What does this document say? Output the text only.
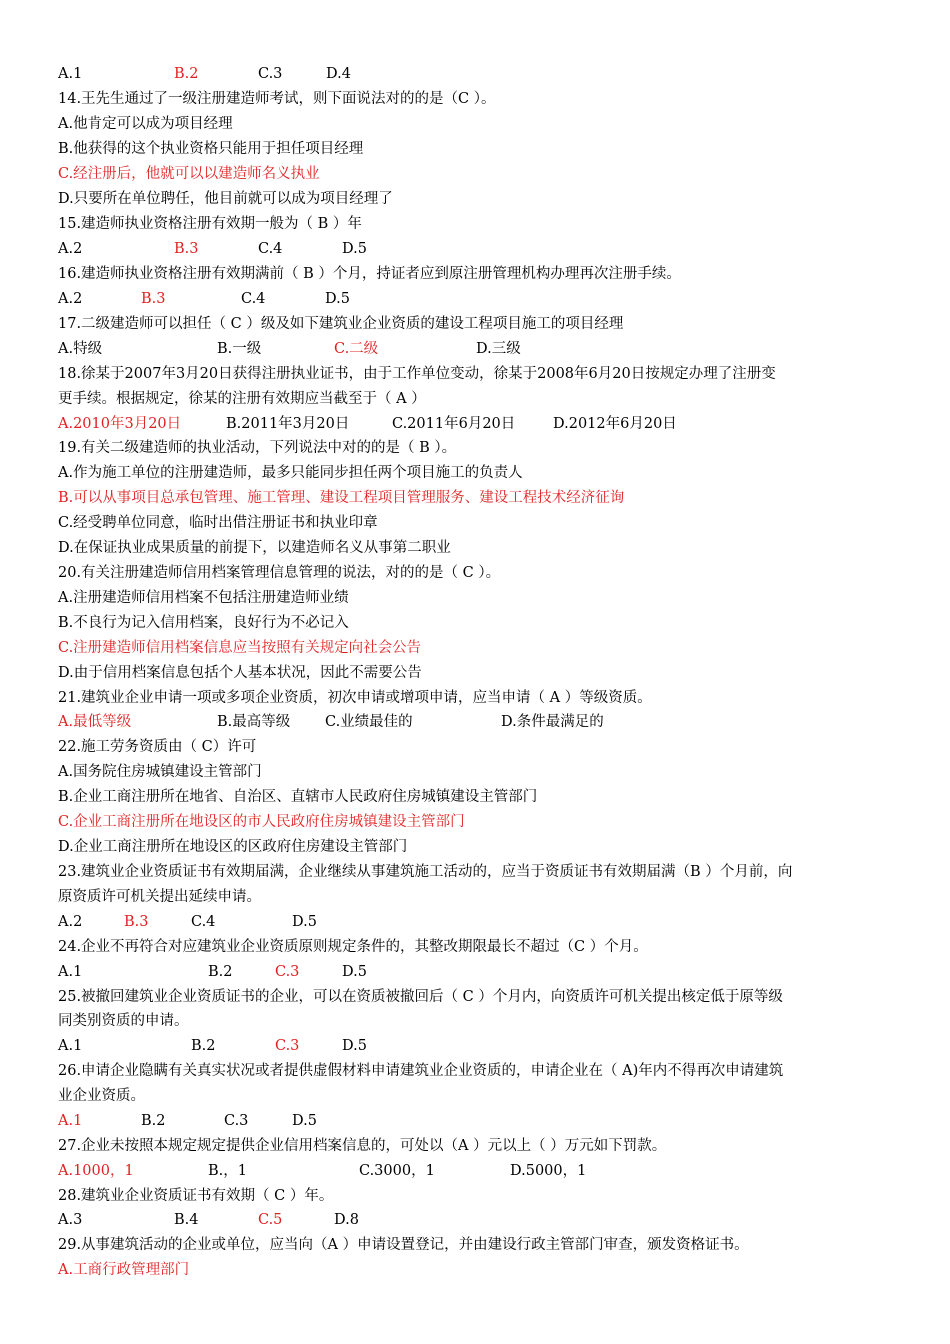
A.1	B.2	C.3	D.4
14.王先生通过了一级注册建造师考试，则下面说法对的的是（C ）。
A.他肯定可以成为项目经理
B.他获得的这个执业资格只能用于担任项目经理
C.经注册后，他就可以以建造师名义执业
D.只要所在单位聘任，他目前就可以成为项目经理了
15.建造师执业资格注册有效期一般为（ B ）年
A.2	B.3	C.4	D.5
16.建造师执业资格注册有效期满前（ B ）个月，持证者应到原注册管理机构办理再次注册手续。
A.2	B.3	C.4	D.5
17.二级建造师可以担任（ C ）级及如下建筑业企业资质的建设工程项目施工的项目经理
A.特级	B.一级	C.二级	D.三级
18.徐某于2007年3月20日获得注册执业证书，由于工作单位变动，徐某于2008年6月20日按规定办理了注册变
更手续。根据规定，徐某的注册有效期应当截至于（ A ）
A.2010年3月20日	B.2011年3月20日	C.2011年6月20日	D.2012年6月20日
19.有关二级建造师的执业活动，下列说法中对的的是（ B ）。
A.作为施工单位的注册建造师，最多只能同步担任两个项目施工的负责人
B.可以从事项目总承包管理、施工管理、建设工程项目管理服务、建设工程技术经济征询
C.经受聘单位同意，临时出借注册证书和执业印章
D.在保证执业成果质量的前提下，以建造师名义从事第二职业
20.有关注册建造师信用档案管理信息管理的说法，对的的是（ C ）。
A.注册建造师信用档案不包括注册建造师业绩
B.不良行为记入信用档案，良好行为不必记入
C.注册建造师信用档案信息应当按照有关规定向社会公告
D.由于信用档案信息包括个人基本状况，因此不需要公告
21.建筑业企业申请一项或多项企业资质，初次申请或增项申请，应当申请（ A ）等级资质。
A.最低等级	B.最高等级 C.业绩最佳的	D.条件最满足的
22.施工劳务资质由（ C）许可
A.国务院住房城镇建设主管部门
B.企业工商注册所在地省、自治区、直辖市人民政府住房城镇建设主管部门
C.企业工商注册所在地设区的市人民政府住房城镇建设主管部门
D.企业工商注册所在地设区的区政府住房建设主管部门
23.建筑业企业资质证书有效期届满，企业继续从事建筑施工活动的，应当于资质证书有效期届满（B ）个月前，向
原资质许可机关提出延续申请。
A.2	B.3	C.4	D.5
24.企业不再符合对应建筑业企业资质原则规定条件的，其整改期限最长不超过（C ）个月。
A.1	B.2	C.3	D.5
25.被撤回建筑业企业资质证书的企业，可以在资质被撤回后（ C ）个月内，向资质许可机关提出核定低于原等级
同类别资质的申请。
A.1	B.2	C.3	D.5
26.申请企业隐瞒有关真实状况或者提供虚假材料申请建筑业企业资质的，申请企业在（ A)年内不得再次申请建筑
业企业资质。
A.1	B.2	C.3	D.5
27.企业未按照本规定规定提供企业信用档案信息的，可处以（A ）元以上（ ）万元如下罚款。
A.1000，1	B.，1	C.3000，1	D.5000，1
28.建筑业企业资质证书有效期（ C ）年。
A.3	B.4	C.5	D.8
29.从事建筑活动的企业或单位，应当向（A ）申请设置登记，并由建设行政主管部门审查，颁发资格证书。
A.工商行政管理部门
